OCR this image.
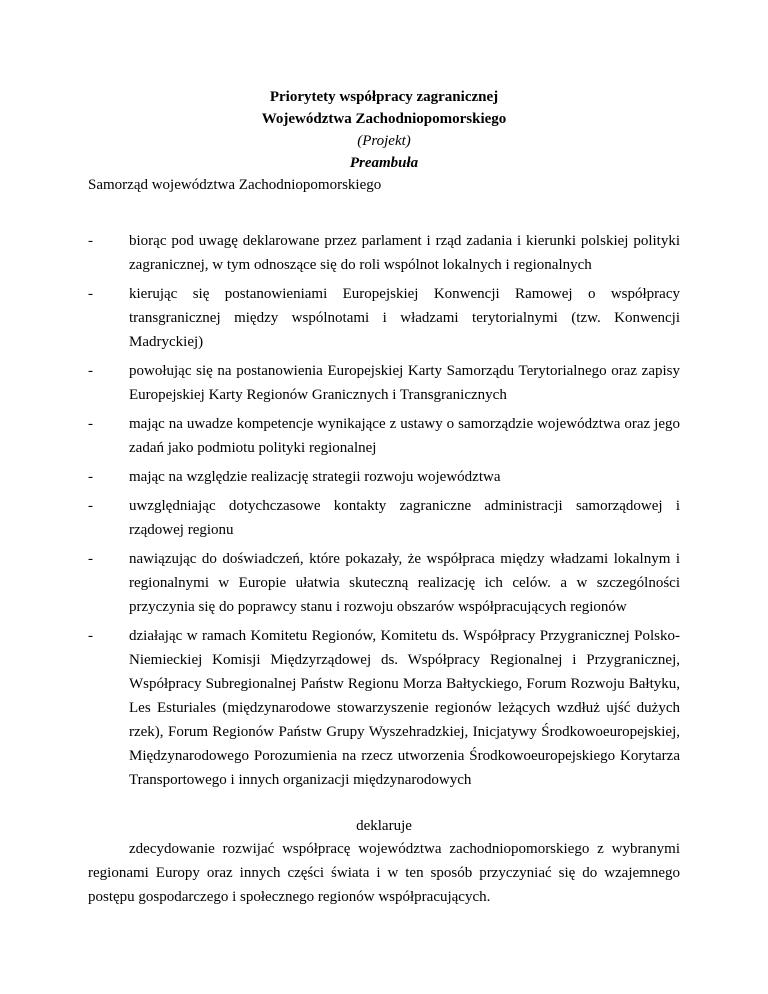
Priorytety współpracy zagranicznej
Województwa Zachodniopomorskiego
(Projekt)
Preambuła
Samorząd województwa Zachodniopomorskiego
- biorąc pod uwagę deklarowane przez parlament i rząd zadania i kierunki polskiej polityki zagranicznej, w tym odnoszące się do roli wspólnot lokalnych i regionalnych
- kierując się postanowieniami Europejskiej Konwencji Ramowej o współpracy transgranicznej między wspólnotami i władzami terytorialnymi (tzw. Konwencji Madryckiej)
- powołując się na postanowienia Europejskiej Karty Samorządu Terytorialnego oraz zapisy Europejskiej Karty Regionów Granicznych i Transgranicznych
- mając na uwadze kompetencje wynikające z ustawy o samorządzie województwa oraz jego zadań jako podmiotu polityki regionalnej
- mając na względzie realizację strategii rozwoju województwa
- uwzględniając dotychczasowe kontakty zagraniczne administracji samorządowej i rządowej regionu
- nawiązując do doświadczeń, które pokazały, że współpraca między władzami lokalnym i regionalnymi w Europie ułatwia skuteczną realizację ich celów. a w szczególności przyczynia się do poprawcy stanu i rozwoju obszarów współpracujących regionów
- działając w ramach Komitetu Regionów, Komitetu ds. Współpracy Przygranicznej Polsko-Niemieckiej Komisji Międzyrządowej ds. Współpracy Regionalnej i Przygranicznej, Współpracy Subregionalnej Państw Regionu Morza Bałtyckiego, Forum Rozwoju Bałtyku, Les Esturiales (międzynarodowe stowarzyszenie regionów leżących wzdłuż ujść dużych rzek), Forum Regionów Państw Grupy Wyszehradzkiej, Inicjatywy Środkowoeuropejskiej, Międzynarodowego Porozumienia na rzecz utworzenia Środkowoeuropejskiego Korytarza Transportowego i innych organizacji międzynarodowych
deklaruje
zdecydowanie rozwijać współpracę województwa zachodniopomorskiego z wybranymi regionami Europy oraz innych części świata i w ten sposób przyczyniać się do wzajemnego postępu gospodarczego i społecznego regionów współpracujących.
